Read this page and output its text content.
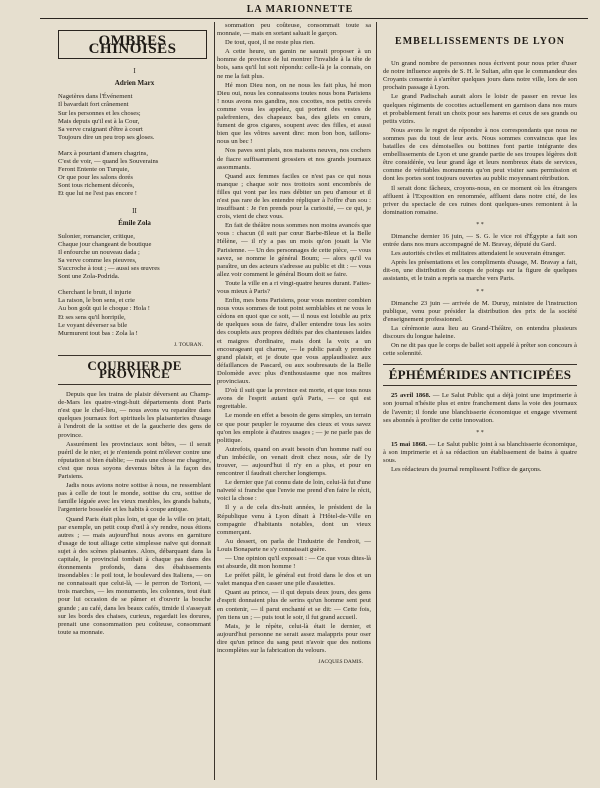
LA MARIONNETTE
OMBRES CHINOISES
I
Adrien Marx
Nageières dans l'Événement
Il bavardait fort crânement
Sur les personnes et les choses;
Mais depuis qu'il est à la Cour,
Sa verve craignant d'être à court
Toujours dire un peu trop ses gloses.
Marx à pourtant d'amers chagrins,
C'est de voir, — quand les Souverains
Feront Entente on Turquie,
Or que pour les salons dorés
Sont tous richement décorés,
Et que lui ne l'est pas encore !
II
Émile Zola
Sulonier, romancier, critique,
Chaque jour changeant de boutique
Il enfourche un nouveau dada ;
Sa verve comme les pieuvres,
S'accroche à tout ; — aussi ses œuvres
Sont une Zola-Podrida.
Cherchant le bruit, il injurie
La raison, le bon sens, et crie
Au bon goût qui le choque : Hola !
Et ses sens qu'il horripile,
Le voyant déverser sa bile
Murmurent tout bas : Zola la !
J. TOURAN.
COURRIER DE PROVINCE

Depuis que les trains de plaisir déversent au Champ-de-Mars les quatre-vingt-huit départements dont Paris n'est que le chef-lieu, — nous avons vu reparaître dans quelques journaux fort spirituels les plaisanteries d'usage à l'endroit de la sottise et de la gaucherie des gens de province.

Assurément les provinciaux sont bêtes, — il serait puéril de le nier, et je n'entends point m'élever contre une réputation si bien établie; — mais une chose me chagrine, c'est que nous soyons devenus bêtes à la façon des Parisiens.

Jadis nous avions notre sottise à nous, ne ressemblant pas à celle de tout le monde, sottise du cru, sottise de famille léguée avec les vieux meubles, les grands bahuts, l'argenterie bosselée et les habits à coupe antique.

Quand Paris était plus loin, et que de la ville on jetait, par exemple, un petit coup d'œil à s'y rendre, nous étions autres ; — mais aujourd'hui nous avons en garniture d'usage de tout alliage cette simplesse naïve qui donnait sujet à des scènes plaisantes. Alors, débarquant dans la capitale, le provincial tombait à chaque pas dans des étonnements profonds, dans des ébahissements insondables : le poil tout, le boulevard des Italiens, — on ne connaissait que celui-là, — le perron de Tortoni, — trois marches, — les monuments, les colonnes, tout était pour lui occasion de se pâmer et d'ouvrir la bouche grande ; au café, dans les beaux cafés, timide il s'asseyait sur les bords des chaises, curieux, regardait les dorures, prenait une consommation peu coûteuse, consommant toute sa monnaie.

sommation peu coûteuse, consommait toute sa monnaie, — mais en sortant saluait le garçon.

De tout, quoi, il ne reste plus rien.

A cette heure, un gamin ne saurait proposer à un homme de province de lui montrer l'invalide à la tête de bois, sans qu'il lui soit répondu: celle-là je la connais, on ne me la fait plus.

Hé mon Dieu non, on ne nous les fait plus, hé mon Dieu oui, nous les connaissons toutes nous bons Parisiens ! nous avons nos gandins, nos cocottes, nos petits crevés comme vous les appelez, qui portent des vestes de palefreniers, des chapeaux bas, des gilets en cœurs, fument de gros cigares, soupent avec des filles, et aussi bien que les vôtres savent dire: mon bon bon, taillons-nous un bec !

Nos paves sont plats, nos maisons neuves, nos cochers de fiacre suffisamment grossiers et nos grands journaux assommants.

Quand aux femmes faciles ce n'est pas ce qui nous manque ; chaque soir nos trottoirs sont encombrés de filles qui vont par les rues débiter un peu d'amour et il n'est pas rare de les entendre répliquer à l'offre d'un sou : insuffisant : Je t'en prends pour la curiosité, — ce qui, je crois, vient de chez vous.

En fait de théâtre nous sommes non moins avancés que vous : chacun (il suit par cœur Barbe-Bleue et la Belle Hélène, — il n'y a pas un mois qu'on jouait la Vie Parisienne. — Un des personnages de cette pièce, — vous savez, se nomme le général Boum; — alors qu'il va paraître, un des acteurs s'adresse au public et dit : — vous allez voir comment le général Boum doit se faire.

Toute la ville en a ri vingt-quatre heures durant. Faites-vous mieux à Paris?

Enfin, mes bons Parisiens, pour vous montrer combien nous vous sommes de tout point semblables et ne vous le cédons en quoi que ce soit, — il nous est loisible au prix de quelques sous de faire, d'aller entendre tous les soirs des couplets aux propres dédités par des chanteuses laides et maigres d'ordinaire, mais dont la voix a un encourageant qui charme, — le public paraît y prendre grand plaisir, et je doute que vous applaudissiez aux défaillances de Pascard, ou aux soubresauts de la Belle Dolomède avec plus d'enthousiasme que nos maîtres provinciaux.

D'où il suit que la province est morte, et que tous nous avons de l'esprit autant qu'à Paris, — ce qui est regrettable.

Le monde en effet a besoin de gens simples, un terrain ce que pour peupler le royaume des cieux et vous savez qu'on les emploie à d'autres usages ; — je ne parle pas de politique.

Autrefois, quand on avait besoin d'un homme naïf ou d'un imbécile, on venait droit chez nous, sûr de l'y trouver, — aujourd'hui il n'y en a plus, et pour en rencontrer il faudrait chercher longtemps.

Le dernier que j'ai connu date de loin, celui-là fut d'une naïveté si franche que l'envie me prend d'en faire le récit, voici la chose :

Il y a de cela dix-huit années, le président de la République venu à Lyon dînait à l'Hôtel-de-Ville en compagnie d'habitants notables, dont un vieux commerçant.

Au dessert, on parla de l'industrie de l'endroit, — Louis Bonaparte ne s'y connaissait guère.

— Une opinion qu'il exposait : — Ce que vous dites-là est absurde, dit mon homme !

Le préfet pâlit, le général eut froid dans le dos et un valet manqua d'en casser une pile d'assiettes.

Quant au prince, — il qui depuis deux jours, des gens d'esprit donnaient plus de serins qu'un homme sent peut en contenir, — il parut enchanté et se dit: — Cette fois, j'en tiens un ; — puis tout le soir, il fut grand accueil.

Mais, je le répète, celui-là était le dernier, et aujourd'hui personne ne serait assez malappris pour oser dire qu'un prince du sang peut n'avoir que des notions incomplètes sur la fabrication du velours.

JACQUES DAMIS.
EMBELLISSEMENTS DE LYON

Un grand nombre de personnes nous écrivent pour nous prier d'user de notre influence auprès de S. H. le Sultan, afin que le commandeur des Croyants consente à s'arrêter quelques jours dans notre ville, lors de son prochain passage à Lyon.

Le grand Padischah aurait alors le loisir de passer en revue les quelques régiments de cocottes actuellement en garnison dans nos murs et probablement ferait un choix pour ses harems et ceux de ses grands ou petits vizirs.

Nous avons le regret de répondre à nos correspondants que nous ne sommes pas du tout de leur avis. Nous sommes convaincus que les batailles de ces démoiselles ou bottines font partie intégrante des embellissements de Lyon et une grande partie de ses troupes légères doit être considérée, vu leur grand âge et leurs nombreux états de services, comme de véritables monuments qu'on peut visiter sans permission et dont les portes sont toujours ouvertes au public moyennant rétribution.

Il serait donc fâcheux, croyons-nous, en ce moment où les étrangers affluent à l'Exposition en renommée, affluent dans notre cité, de les priver du spectacle de ces ruines dont quelques-unes remontent à la domination romaine.

* *

Dimanche dernier 16 juin, — S. G. le vice roi d'Égypte a fait son entrée dans nos murs accompagné de M. Bravay, député du Gard.

Les autorités civiles et militaires attendaient le souverain étranger.

Après les présentations et les compliments d'usage, M. Bravay a fait, dit-on, une distribution de coups de poings sur la figure de quelques assistants, et le train a repris sa marche vers Paris.

* *

Dimanche 23 juin — arrivée de M. Duruy, ministre de l'instruction publique, venu pour présider la distribution des prix de la société d'enseignement professionnel.

La cérémonie aura lieu au Grand-Théâtre, on entendra plusieurs discours du longue haleine.

On ne dit pas que le corps de ballet soit appelé à prêter son concours à cette solennité.

ÉPHÉMÉRIDES ANTICIPÉES

25 avril 1868. — Le Salut Public qui a déjà joint une imprimerie à son journal n'hésite plus et entre franchement dans la voie des journaux de l'avenir; il fonde une blanchisserie économique et engage vivement ses abonnés à profiter de cette innovation.

* *

15 mai 1868. — Le Salut public joint à sa blanchisserie économique, à son imprimerie et à sa rédaction un établissement de bains à quatre sous.

Les rédacteurs du journal remplissent l'office de garçons.
